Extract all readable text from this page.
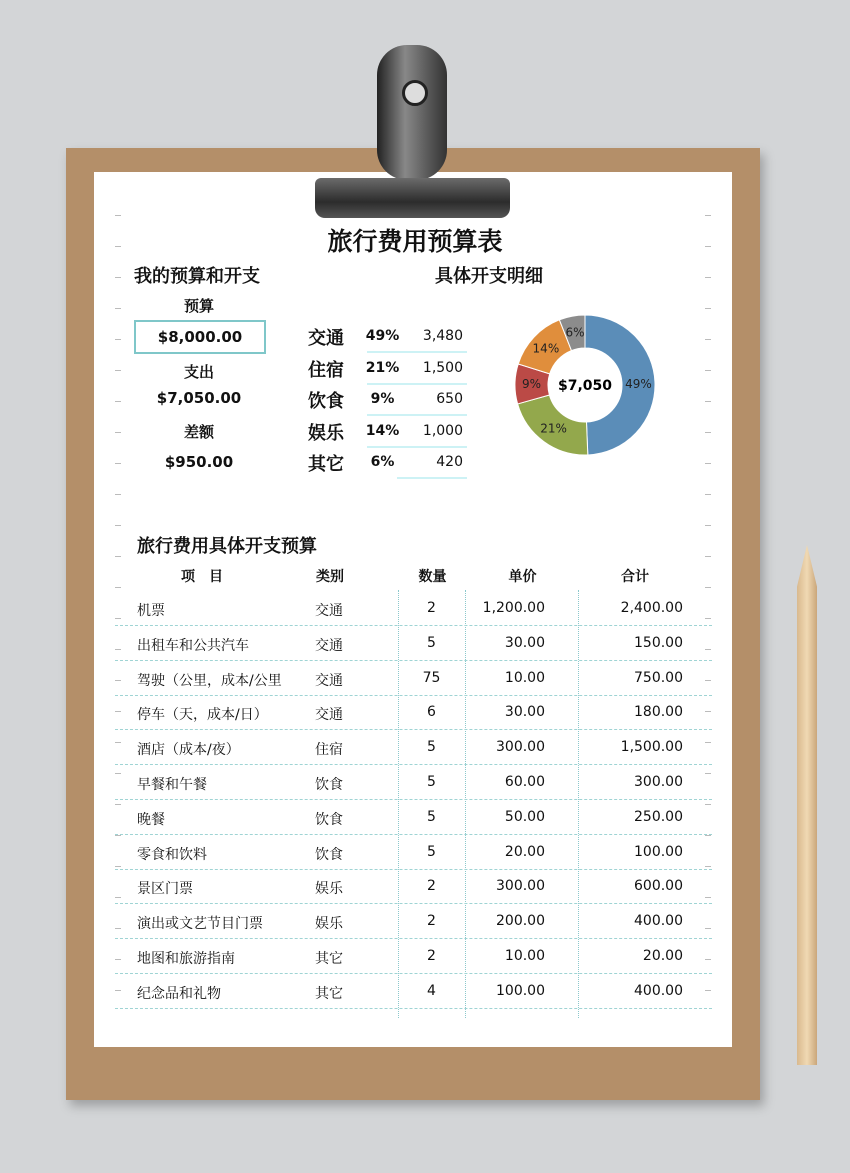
旅行费用预算表
我的预算和开支
预算
$8,000.00
支出
$7,050.00
差额
$950.00
具体开支明细
交通	49%	3,480
住宿	21%	1,500
饮食	9%	650
娱乐	14%	1,000
其它	6%	420
49%
21%
9%
14%
6%
$7,050
旅行费用具体开支预算
项　目	类别	数量	单价	合计
机票	交通	2	1,200.00	2,400.00
出租车和公共汽车	交通	5	30.00	150.00
驾驶（公里，成本/公里 交通	75	10.00	750.00
停车（天，成本/日）	交通	6	30.00	180.00
酒店（成本/夜）	住宿	5	300.00	1,500.00
早餐和午餐	饮食	5	60.00	300.00
晚餐	饮食	5	50.00	250.00
零食和饮料	饮食	5	20.00	100.00
景区门票	娱乐	2	300.00	600.00
演出或文艺节目门票	娱乐	2	200.00	400.00
地图和旅游指南	其它	2	10.00	20.00
纪念品和礼物	其它	4	100.00	400.00
